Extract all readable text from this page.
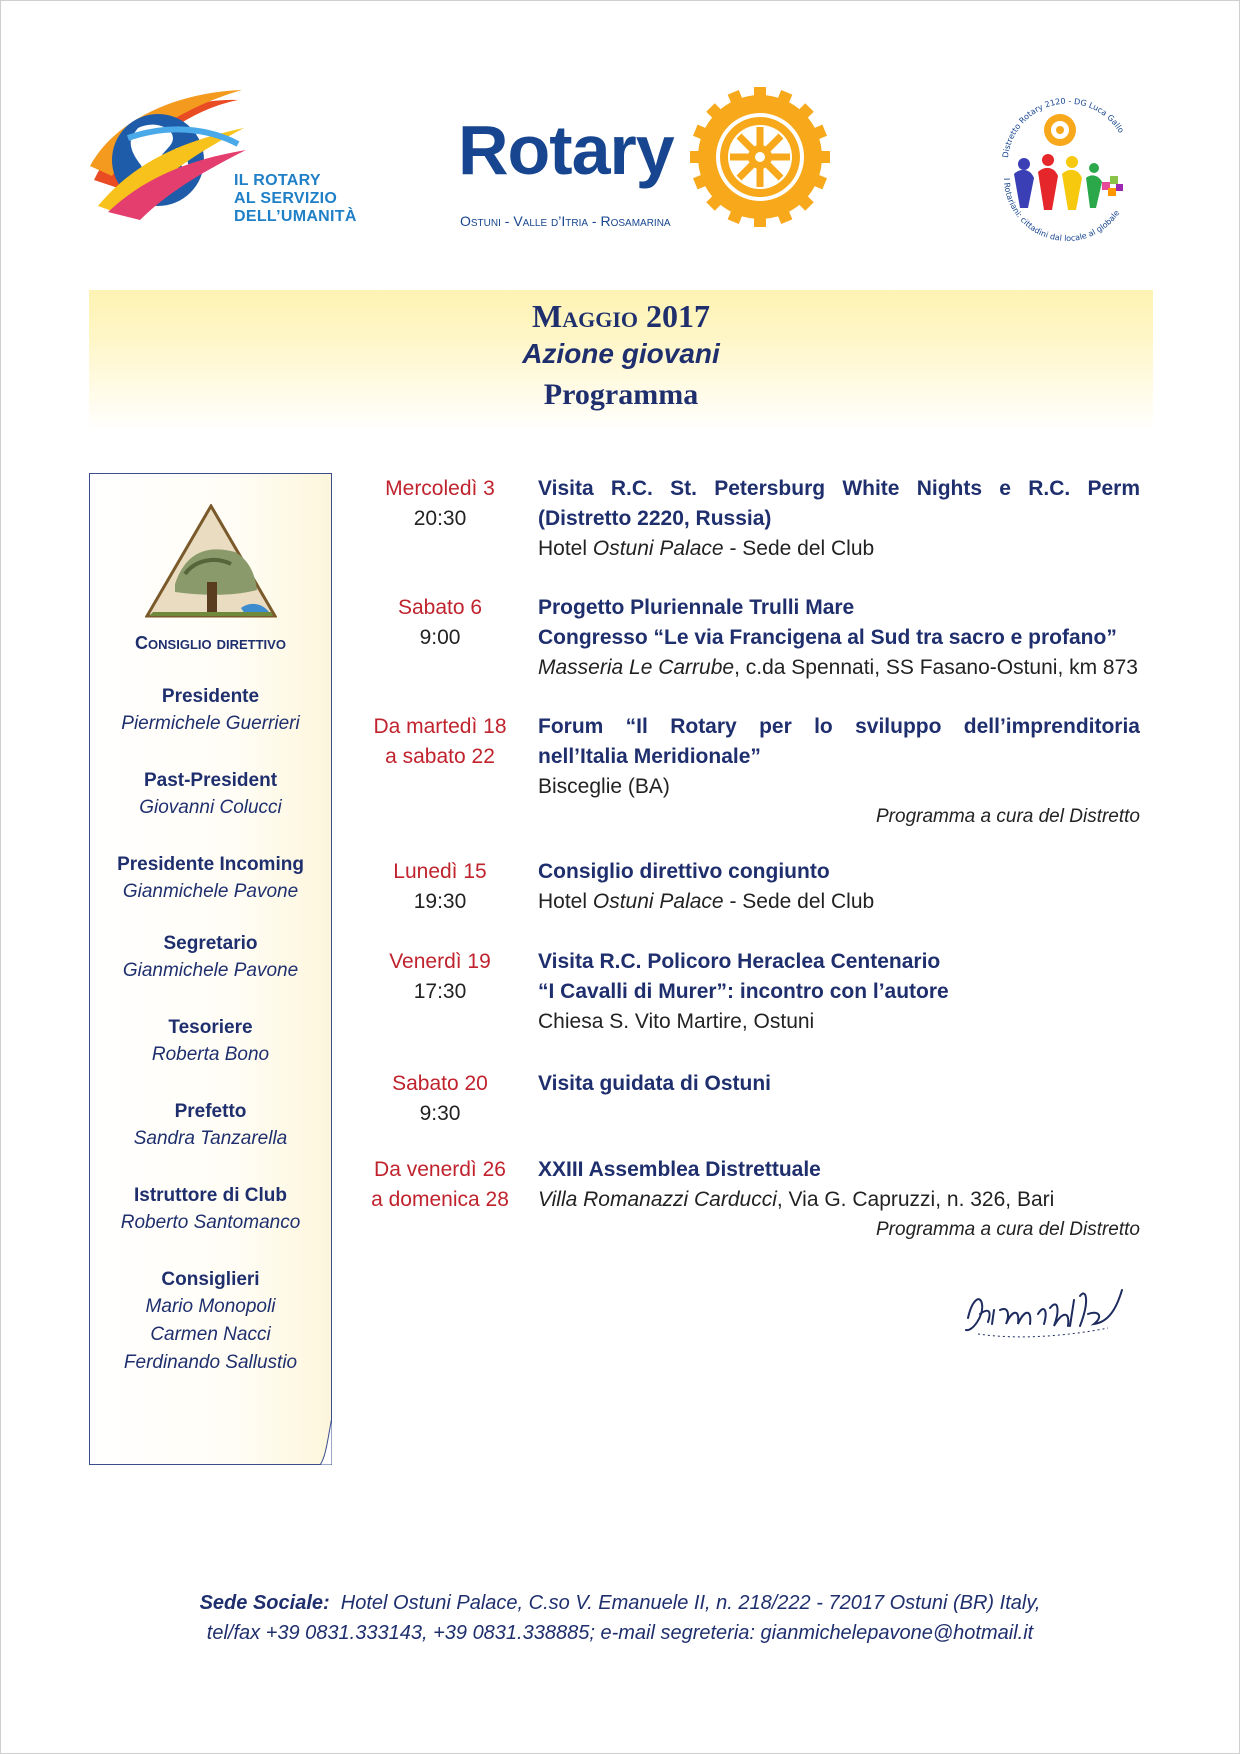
IL ROTARY
AL SERVIZIO
DELL’UMANITÀ
Rotary
Ostuni - Valle d’Itria - Rosamarina
Distretto Rotary 2120 - DG Luca Gallo
I Rotariani: cittadini dal locale al globale
Maggio 2017
Azione giovani
Programma
Consiglio direttivo
Presidente
Piermichele Guerrieri
Past-President
Giovanni Colucci
Presidente Incoming
Gianmichele Pavone
Segretario
Gianmichele Pavone
Tesoriere
Roberta Bono
Prefetto
Sandra Tanzarella
Istruttore di Club
Roberto Santomanco
Consiglieri
Mario Monopoli
Carmen Nacci
Ferdinando Sallustio
Mercoledì 3
20:30
Visita R.C. St. Petersburg White Nights e R.C. Perm
(Distretto 2220, Russia)
Hotel Ostuni Palace - Sede del Club
Sabato 6
9:00
Progetto Pluriennale Trulli Mare
Congresso “Le via Francigena al Sud tra sacro e profano”
Masseria Le Carrube, c.da Spennati, SS Fasano-Ostuni, km 873
Da martedì 18
a sabato 22
Forum “Il Rotary per lo sviluppo dell’imprenditoria
nell’Italia Meridionale”
Bisceglie (BA)
Programma a cura del Distretto
Lunedì 15
19:30
Consiglio direttivo congiunto
Hotel Ostuni Palace - Sede del Club
Venerdì 19
17:30
Visita R.C. Policoro Heraclea Centenario
“I Cavalli di Murer”: incontro con l’autore
Chiesa S. Vito Martire, Ostuni
Sabato 20
9:30
Visita guidata di Ostuni
Da venerdì 26
a domenica 28
XXIII Assemblea Distrettuale
Villa Romanazzi Carducci, Via G. Capruzzi, n. 326, Bari
Programma a cura del Distretto
Sede Sociale: Hotel Ostuni Palace, C.so V. Emanuele II, n. 218/222 - 72017 Ostuni (BR) Italy,
tel/fax +39 0831.333143, +39 0831.338885; e-mail segreteria: gianmichelepavone@hotmail.it
